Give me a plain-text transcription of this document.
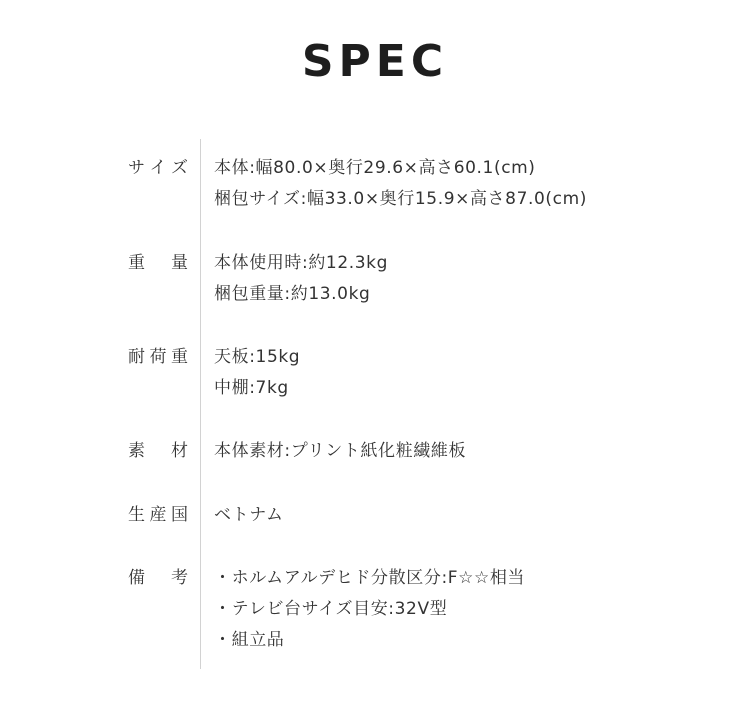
SPEC
サ イ ズ 本体:幅80.0×奥行29.6×高さ60.1(cm)
梱包サイズ:幅33.0×奥行15.9×高さ87.0(cm)
重 量 本体使用時:約12.3kg
梱包重量:約13.0kg
耐 荷 重 天板:15kg
中棚:7kg
素 材 本体素材:プリント紙化粧繊維板
生 産 国 ベトナム
備 考 ・ホルムアルデヒド分散区分:F☆☆相当
・テレビ台サイズ目安:32V型
・組立品
